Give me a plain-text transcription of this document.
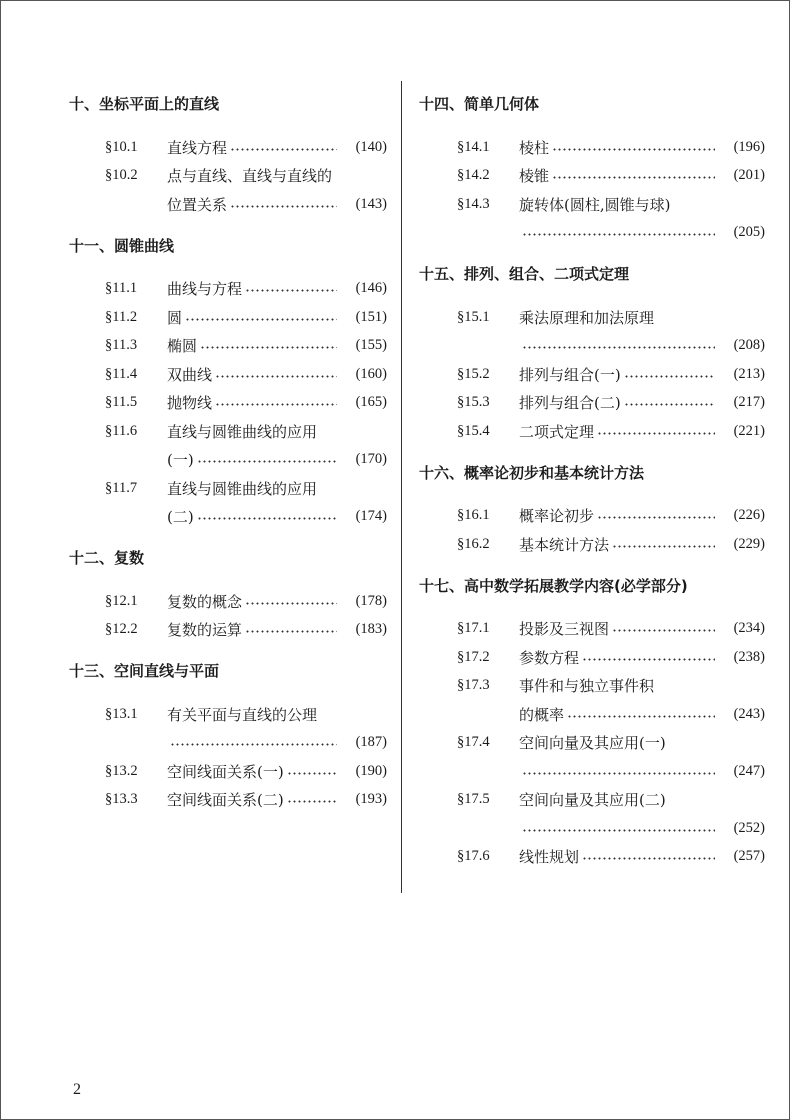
十、坐标平面上的直线
§10.1	直线方程	(140)
§10.2	点与直线、直线与直线的
位置关系	(143)
十一、圆锥曲线
§11.1	曲线与方程	(146)
§11.2	圆	(151)
§11.3	椭圆	(155)
§11.4	双曲线	(160)
§11.5	抛物线	(165)
§11.6	直线与圆锥曲线的应用
(一)	(170)
§11.7	直线与圆锥曲线的应用
(二)	(174)
十二、复数
§12.1	复数的概念	(178)
§12.2	复数的运算	(183)
十三、空间直线与平面
§13.1	有关平面与直线的公理
(187)
§13.2	空间线面关系(一)	(190)
§13.3	空间线面关系(二)	(193)
十四、简单几何体
§14.1	棱柱	(196)
§14.2	棱锥	(201)
§14.3	旋转体(圆柱,圆锥与球)
(205)
十五、排列、组合、二项式定理
§15.1	乘法原理和加法原理
(208)
§15.2	排列与组合(一)	(213)
§15.3	排列与组合(二)	(217)
§15.4	二项式定理	(221)
十六、概率论初步和基本统计方法
§16.1	概率论初步	(226)
§16.2	基本统计方法	(229)
十七、高中数学拓展教学内容(必学部分)
§17.1	投影及三视图	(234)
§17.2	参数方程	(238)
§17.3	事件和与独立事件积
的概率	(243)
§17.4	空间向量及其应用(一)
(247)
§17.5	空间向量及其应用(二)
(252)
§17.6	线性规划	(257)
2
